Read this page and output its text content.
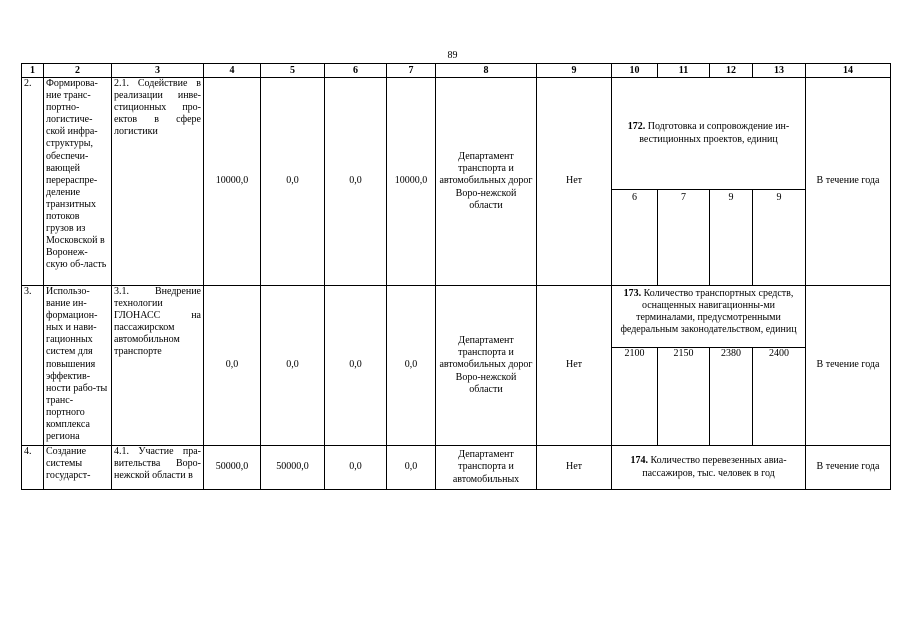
89
1	2	3	4	5	6	7	8	9	10	11	12	13	14
2.	Формирова-ние транс-портно-логистиче-ской инфра-структуры, обеспечи-вающей перераспре-деление транзитных потоков грузов из Московской в Воронеж-скую об-ласть	2.1. Содействие в реализации инве-стиционных про-ектов в сфере логистики	10000,0	0,0	0,0	10000,0	Департамент транспорта и автомобильных дорог Воро-нежской области	Нет	172. Подготовка и сопровождение ин-вестиционных проектов, единиц				В течение года
									6	7	9	9	
3.	Использо-вание ин-формацион-ных и нави-гационных систем для повышения эффектив-ности рабо-ты транс-портного комплекса региона	3.1. Внедрение технологии ГЛОНАСС на пассажирском автомобильном транспорте	0,0	0,0	0,0	0,0	Департамент транспорта и автомобильных дорог Воро-нежской области	Нет	173. Количество транспортных средств, оснащенных навигационны-ми терминалами, предусмотренными федеральным законодательством, единиц				В течение года
									2100	2150	2380	2400	
4.	Создание системы государст-	4.1. Участие пра-вительства Воро-нежской области в	50000,0	50000,0	0,0	0,0	Департамент транспорта и автомобильных	Нет	174. Количество перевезенных авиа-пассажиров, тыс. человек в год				В течение года
